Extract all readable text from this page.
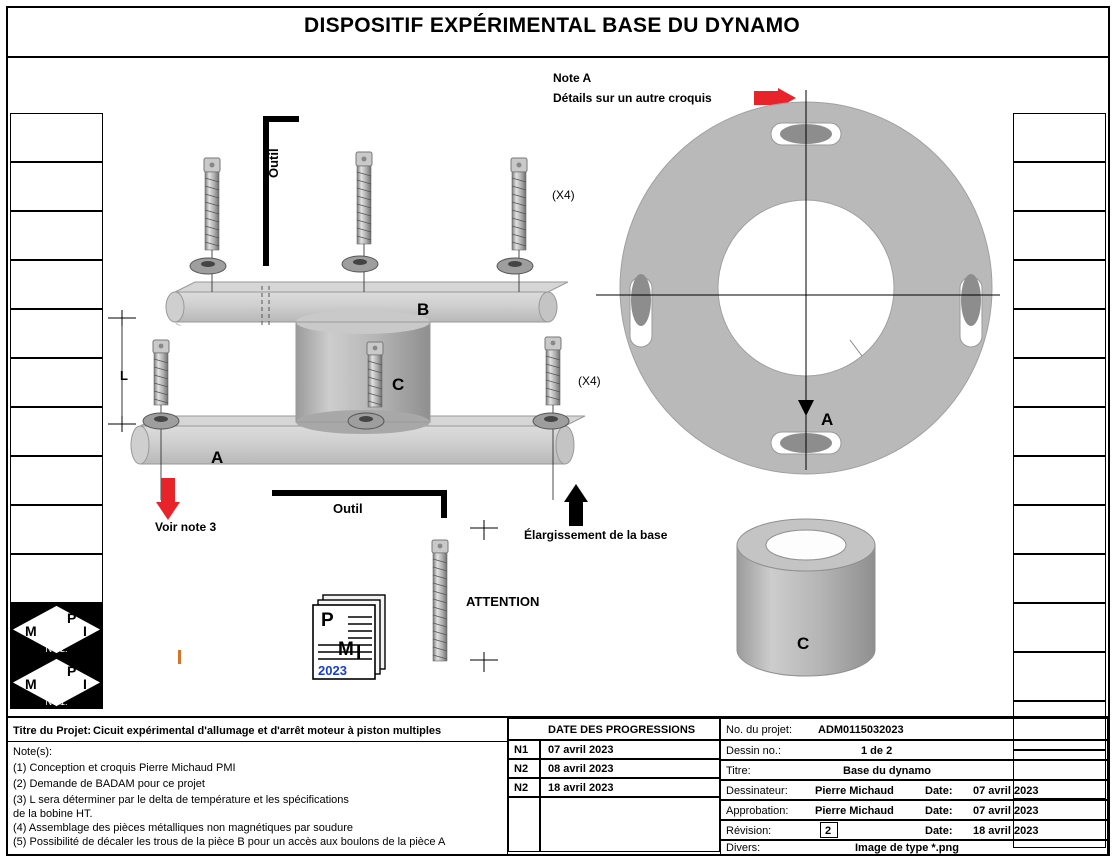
DISPOSITIF EXPÉRIMENTAL BASE DU DYNAMO
M
P
I
N-02.
M
P
I
N-01.
Note A
Détails sur un autre croquis
Outil
(X4)
B
L	C	(X4)
A
Outil
Voir note 3
Élargissement de la base
ATTENTION
A
C
P
M I
2023
Titre du Projet: Cicuit expérimental d'allumage et d'arrêt moteur à piston multiples
Note(s):
(1) Conception et croquis Pierre Michaud PMI
(2) Demande de BADAM pour ce projet
(3) L sera déterminer par le delta de température et les spécifications
de la bobine HT.
(4) Assemblage des pièces métalliques non magnétiques par soudure
(5) Possibilité de décaler les trous de la pièce B pour un accès aux boulons de la pièce A
DATE DES PROGRESSIONS
N1 07 avril 2023
N2 08 avril 2023
N2 18 avril 2023
No. du projet: ADM0115032023
Dessin no.:	1 de 2
Titre:	Base du dynamo
Dessinateur: Pierre Michaud	Date: 07 avril 2023
Approbation: Pierre Michaud	Date: 07 avril 2023
Révision:	2	Date: 18 avril 2023
Divers:	Image de type *.png
